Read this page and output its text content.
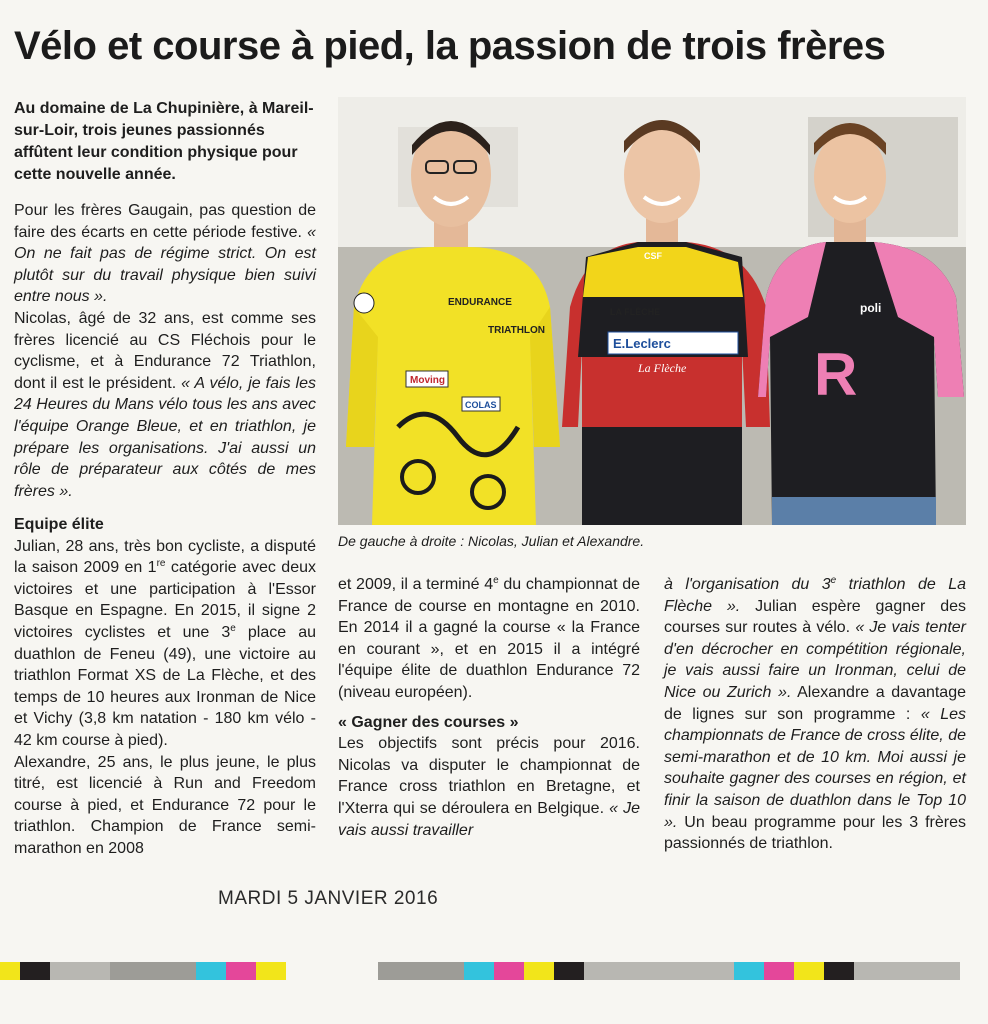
Vélo et course à pied, la passion de trois frères

Au domaine de La Chupinière, à Mareil-sur-Loir, trois jeunes passionnés affûtent leur condition physique pour cette nouvelle année.

Pour les frères Gaugain, pas question de faire des écarts en cette période festive. « On ne fait pas de régime strict. On est plutôt sur du travail physique bien suivi entre nous ».

Nicolas, âgé de 32 ans, est comme ses frères licencié au CS Fléchois pour le cyclisme, et à Endurance 72 Triathlon, dont il est le président. « A vélo, je fais les 24 Heures du Mans vélo tous les ans avec l'équipe Orange Bleue, et en triathlon, je prépare les organisations. J'ai aussi un rôle de préparateur aux côtés de mes frères ».

Equipe élite

Julian, 28 ans, très bon cycliste, a disputé la saison 2009 en 1re catégorie avec deux victoires et une participation à l'Essor Basque en Espagne. En 2015, il signe 2 victoires cyclistes et une 3e place au duathlon de Feneu (49), une victoire au triathlon Format XS de La Flèche, et des temps de 10 heures aux Ironman de Nice et Vichy (3,8 km natation - 180 km vélo - 42 km course à pied).

Alexandre, 25 ans, le plus jeune, le plus titré, est licencié à Run and Freedom course à pied, et Endurance 72 pour le triathlon. Champion de France semi-marathon en 2008

ENDURANCE
TRIATHLON
Moving
COLAS
E.Leclerc
La Flèche
LA FLÈCHE
CSF
poli
R

De gauche à droite : Nicolas, Julian et Alexandre.

et 2009, il a terminé 4e du championnat de France de course en montagne en 2010. En 2014 il a gagné la course « la France en courant », et en 2015 il a intégré l'équipe élite de duathlon Endurance 72 (niveau européen).

« Gagner des courses »

Les objectifs sont précis pour 2016. Nicolas va disputer le championnat de France cross triathlon en Bretagne, et l'Xterra qui se déroulera en Belgique. « Je vais aussi travailler

à l'organisation du 3e triathlon de La Flèche ». Julian espère gagner des courses sur routes à vélo. « Je vais tenter d'en décrocher en compétition régionale, je vais aussi faire un Ironman, celui de Nice ou Zurich ». Alexandre a davantage de lignes sur son programme : « Les championnats de France de cross élite, de semi-marathon et de 10 km. Moi aussi je souhaite gagner des courses en région, et finir la saison de duathlon dans le Top 10 ». Un beau programme pour les 3 frères passionnés de triathlon.

MARDI 5 JANVIER 2016
